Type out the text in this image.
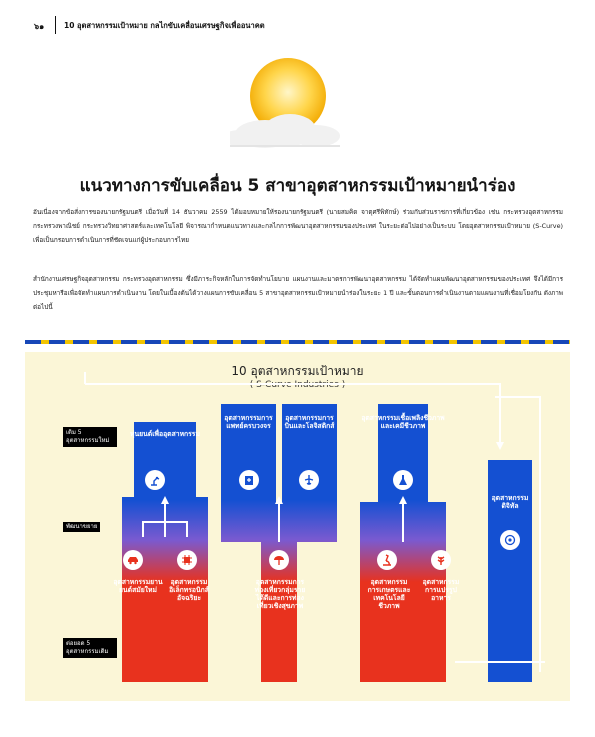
๖๑	10 อุตสาหกรรมเป้าหมาย กลไกขับเคลื่อนเศรษฐกิจเพื่ออนาคต
แนวทางการขับเคลื่อน 5 สาขาอุตสาหกรรมเป้าหมายนำร่อง

อันเนื่องจากข้อสั่งการของนายกรัฐมนตรี เมื่อวันที่ 14 ธันวาคม 2559 ได้มอบหมายให้รองนายกรัฐมนตรี (นายสมคิด จาตุศรีพิทักษ์) ร่วมกับส่วนราชการที่เกี่ยวข้อง เช่น กระทรวงอุตสาหกรรม กระทรวงพาณิชย์ กระทรวงวิทยาศาสตร์และเทคโนโลยี พิจารณากำหนดแนวทางและกลไกการพัฒนาอุตสาหกรรมของประเทศ ในระยะต่อไปอย่างเป็นระบบ โดยอุตสาหกรรมเป้าหมาย (S-Curve) เพื่อเป็นกรอบการดำเนินการที่ชัดเจนแก่ผู้ประกอบการไทย

สำนักงานเศรษฐกิจอุตสาหกรรม กระทรวงอุตสาหกรรม ซึ่งมีภาระกิจหลักในการจัดทำนโยบาย แผนงานและมาตรการพัฒนาอุตสาหกรรม ได้จัดทำแผนพัฒนาอุตสาหกรรมของประเทศ จึงได้มีการประชุมหารือเพื่อจัดทำแผนการดำเนินงาน โดยในเบื้องต้นได้วางแผนการขับเคลื่อน 5 สาขาอุตสาหกรรมเป้าหมายนำร่องในระยะ 1 ปี และขั้นตอนการดำเนินงานตามแผนงานที่เชื่อมโยงกัน ดังภาพต่อไปนี้

10 อุตสาหกรรมเป้าหมาย
( S-Curve Industries )
เติม 5 อุตสาหกรรมใหม่
พัฒนาขยาย
ต่อยอด 5 อุตสาหกรรมเดิม
หุ่นยนต์เพื่ออุตสาหกรรม
อุตสาหกรรมการแพทย์ครบวงจร
อุตสาหกรรมการบินและโลจิสติกส์
อุตสาหกรรมเชื้อเพลิงชีวภาพและเคมีชีวภาพ
อุตสาหกรรมดิจิทัล
อุตสาหกรรมยานยนต์สมัยใหม่
อุตสาหกรรมอิเล็กทรอนิกส์อัจฉริยะ
อุตสาหกรรมการท่องเที่ยวกลุ่มรายได้ดีและการท่องเที่ยวเชิงสุขภาพ
อุตสาหกรรมการเกษตรและเทคโนโลยีชีวภาพ
อุตสาหกรรมการแปรรูปอาหาร
